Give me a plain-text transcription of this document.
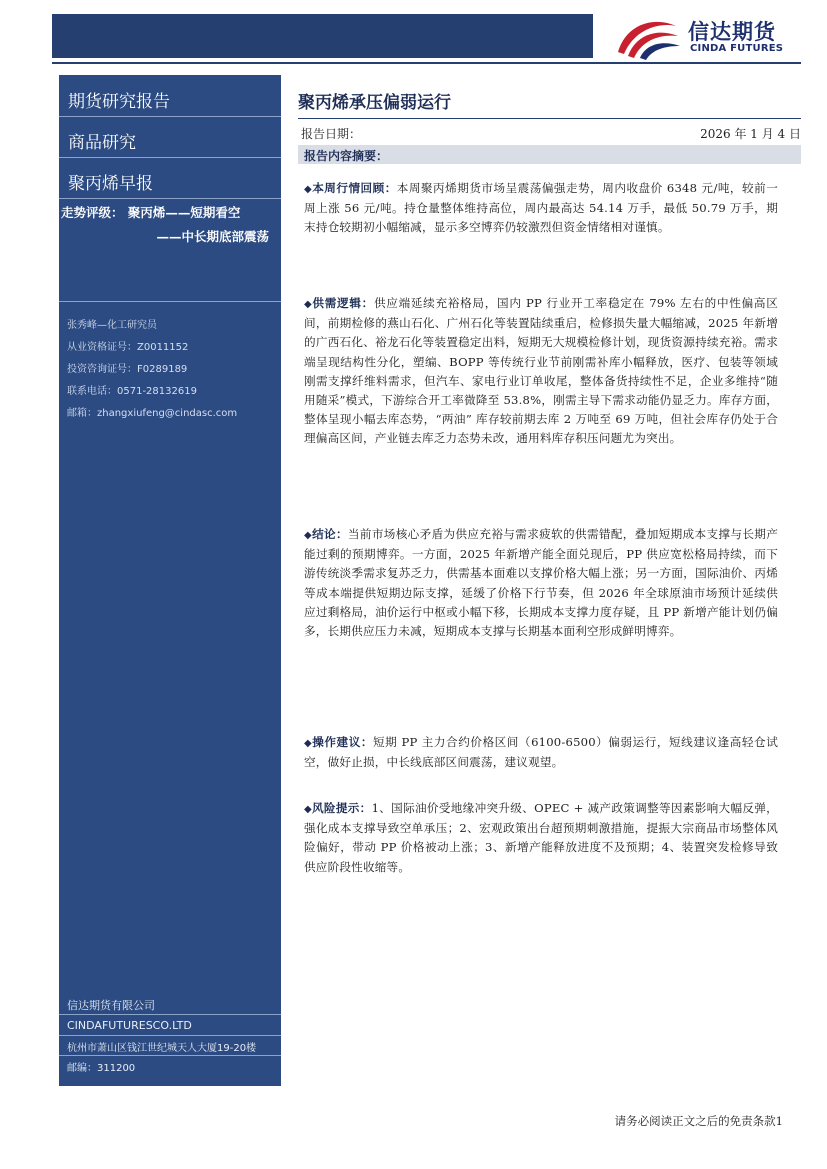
信达期货
CINDA FUTURES
期货研究报告
商品研究
聚丙烯早报
走势评级： 聚丙烯——短期看空
——中长期底部震荡
张秀峰—化工研究员
从业资格证号：Z0011152
投资咨询证号：F0289189
联系电话：0571-28132619
邮箱：zhangxiufeng@cindasc.com
信达期货有限公司
CINDAFUTURESCO.LTD
杭州市萧山区钱江世纪城天人大厦19-20楼
邮编：311200
聚丙烯承压偏弱运行
报告日期：	2026 年 1 月 4 日
报告内容摘要：
◆本周行情回顾：本周聚丙烯期货市场呈震荡偏强走势，周内收盘价 6348 元/吨，较前一周上涨 56 元/吨。持仓量整体维持高位，周内最高达 54.14 万手，最低 50.79 万手，期末持仓较期初小幅缩减，显示多空博弈仍较激烈但资金情绪相对谨慎。
◆供需逻辑：供应端延续充裕格局，国内 PP 行业开工率稳定在 79% 左右的中性偏高区间，前期检修的燕山石化、广州石化等装置陆续重启，检修损失量大幅缩减，2025 年新增的广西石化、裕龙石化等装置稳定出料，短期无大规模检修计划，现货资源持续充裕。需求端呈现结构性分化，塑编、BOPP 等传统行业节前刚需补库小幅释放，医疗、包装等领域刚需支撑纤维料需求，但汽车、家电行业订单收尾，整体备货持续性不足，企业多维持“随用随采”模式，下游综合开工率微降至 53.8%，刚需主导下需求动能仍显乏力。库存方面，整体呈现小幅去库态势，“两油” 库存较前期去库 2 万吨至 69 万吨，但社会库存仍处于合理偏高区间，产业链去库乏力态势未改，通用料库存积压问题尤为突出。
◆结论：当前市场核心矛盾为供应充裕与需求疲软的供需错配，叠加短期成本支撑与长期产能过剩的预期博弈。一方面，2025 年新增产能全面兑现后，PP 供应宽松格局持续，而下游传统淡季需求复苏乏力，供需基本面难以支撑价格大幅上涨；另一方面，国际油价、丙烯等成本端提供短期边际支撑，延缓了价格下行节奏，但 2026 年全球原油市场预计延续供应过剩格局，油价运行中枢或小幅下移，长期成本支撑力度存疑，且 PP 新增产能计划仍偏多，长期供应压力未减，短期成本支撑与长期基本面利空形成鲜明博弈。
◆操作建议：短期 PP 主力合约价格区间（6100-6500）偏弱运行，短线建议逢高轻仓试空，做好止损，中长线底部区间震荡，建议观望。
◆风险提示：1、国际油价受地缘冲突升级、OPEC + 减产政策调整等因素影响大幅反弹，强化成本支撑导致空单承压；2、宏观政策出台超预期刺激措施，提振大宗商品市场整体风险偏好，带动 PP 价格被动上涨；3、新增产能释放进度不及预期；4、装置突发检修导致供应阶段性收缩等。
请务必阅读正文之后的免责条款1
